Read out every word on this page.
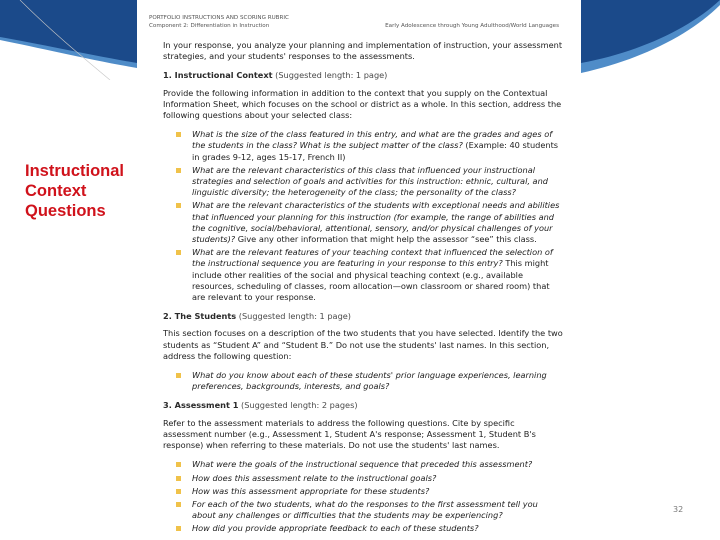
Instructional
Context
Questions
PORTFOLIO INSTRUCTIONS AND SCORING RUBRIC
Component 2: Differentiation in Instruction	Early Adolescence through Young Adulthood/World Languages

In your response, you analyze your planning and implementation of instruction, your assessment strategies, and your students' responses to the assessments.

1. Instructional Context (Suggested length: 1 page)

Provide the following information in addition to the context that you supply on the Contextual Information Sheet, which focuses on the school or district as a whole. In this section, address the following questions about your selected class:

What is the size of the class featured in this entry, and what are the grades and ages of the students in the class? What is the subject matter of the class? (Example: 40 students in grades 9-12, ages 15-17, French II)
What are the relevant characteristics of this class that influenced your instructional strategies and selection of goals and activities for this instruction: ethnic, cultural, and linguistic diversity; the heterogeneity of the class; the personality of the class?
What are the relevant characteristics of the students with exceptional needs and abilities that influenced your planning for this instruction (for example, the range of abilities and the cognitive, social/behavioral, attentional, sensory, and/or physical challenges of your students)? Give any other information that might help the assessor “see” this class.
What are the relevant features of your teaching context that influenced the selection of the instructional sequence you are featuring in your response to this entry? This might include other realities of the social and physical teaching context (e.g., available resources, scheduling of classes, room allocation—own classroom or shared room) that are relevant to your response.
2. The Students (Suggested length: 1 page)

This section focuses on a description of the two students that you have selected. Identify the two students as “Student A” and “Student B.” Do not use the students' last names. In this section, address the following question:

What do you know about each of these students' prior language experiences, learning preferences, backgrounds, interests, and goals?
3. Assessment 1 (Suggested length: 2 pages)

Refer to the assessment materials to address the following questions. Cite by specific assessment number (e.g., Assessment 1, Student A's response; Assessment 1, Student B's response) when referring to these materials. Do not use the students' last names.

What were the goals of the instructional sequence that preceded this assessment?
How does this assessment relate to the instructional goals?
How was this assessment appropriate for these students?
For each of the two students, what do the responses to the first assessment tell you about any challenges or difficulties that the students may be experiencing?
How did you provide appropriate feedback to each of these students?
32
